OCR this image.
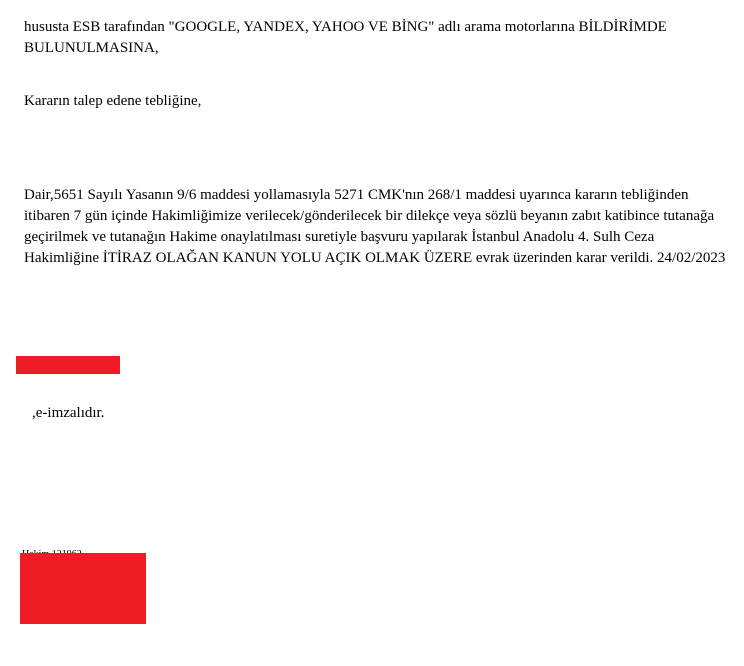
hususta ESB tarafından "GOOGLE, YANDEX, YAHOO VE BİNG" adlı arama motorlarına BİLDİRİMDE BULUNULMASINA,

Kararın talep edene tebliğine,

Dair,5651 Sayılı Yasanın 9/6 maddesi yollamasıyla 5271 CMK'nın 268/1 maddesi uyarınca kararın tebliğinden itibaren 7 gün içinde Hakimliğimize verilecek/gönderilecek bir dilekçe veya sözlü beyanın zabıt katibince tutanağa geçirilmek ve tutanağın Hakime onaylatılması suretiyle başvuru yapılarak İstanbul Anadolu 4. Sulh Ceza Hakimliğine İTİRAZ OLAĞAN KANUN YOLU AÇIK OLMAK ÜZERE evrak üzerinden karar verildi. 24/02/2023

,e-imzalıdır.
